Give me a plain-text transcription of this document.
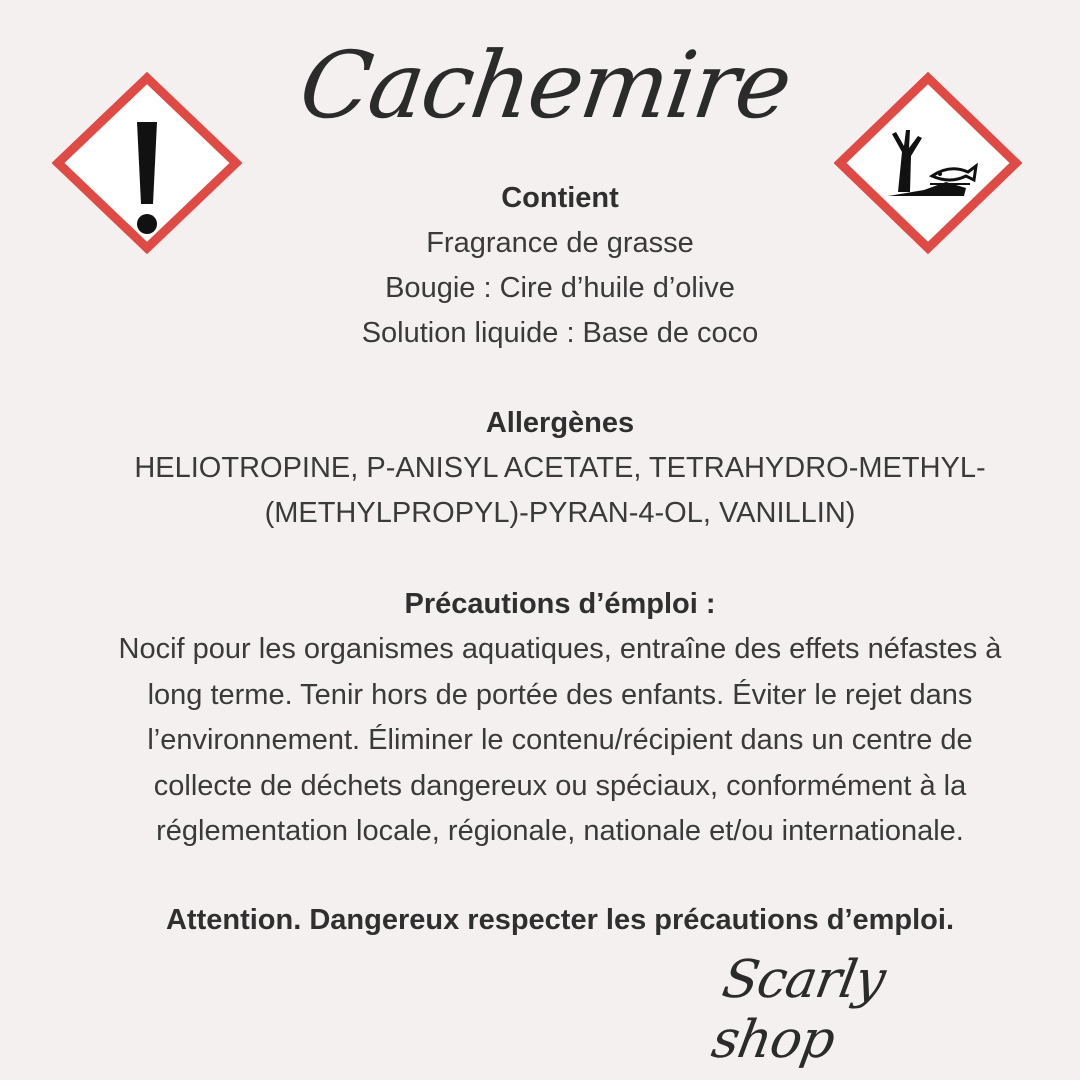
Cachemire
Contient
Fragrance de grasse
Bougie : Cire d’huile d’olive
Solution liquide : Base de coco
Allergènes
HELIOTROPINE, P-ANISYL ACETATE, TETRAHYDRO-METHYL-
(METHYLPROPYL)-PYRAN-4-OL, VANILLIN)
Précautions d’émploi :
Nocif pour les organismes aquatiques, entraîne des effets néfastes à
long terme. Tenir hors de portée des enfants. Éviter le rejet dans
l’environnement. Éliminer le contenu/récipient dans un centre de
collecte de déchets dangereux ou spéciaux, conformément à la
réglementation locale, régionale, nationale et/ou internationale.
Attention. Dangereux respecter les précautions d’emploi.
Scarly shop
